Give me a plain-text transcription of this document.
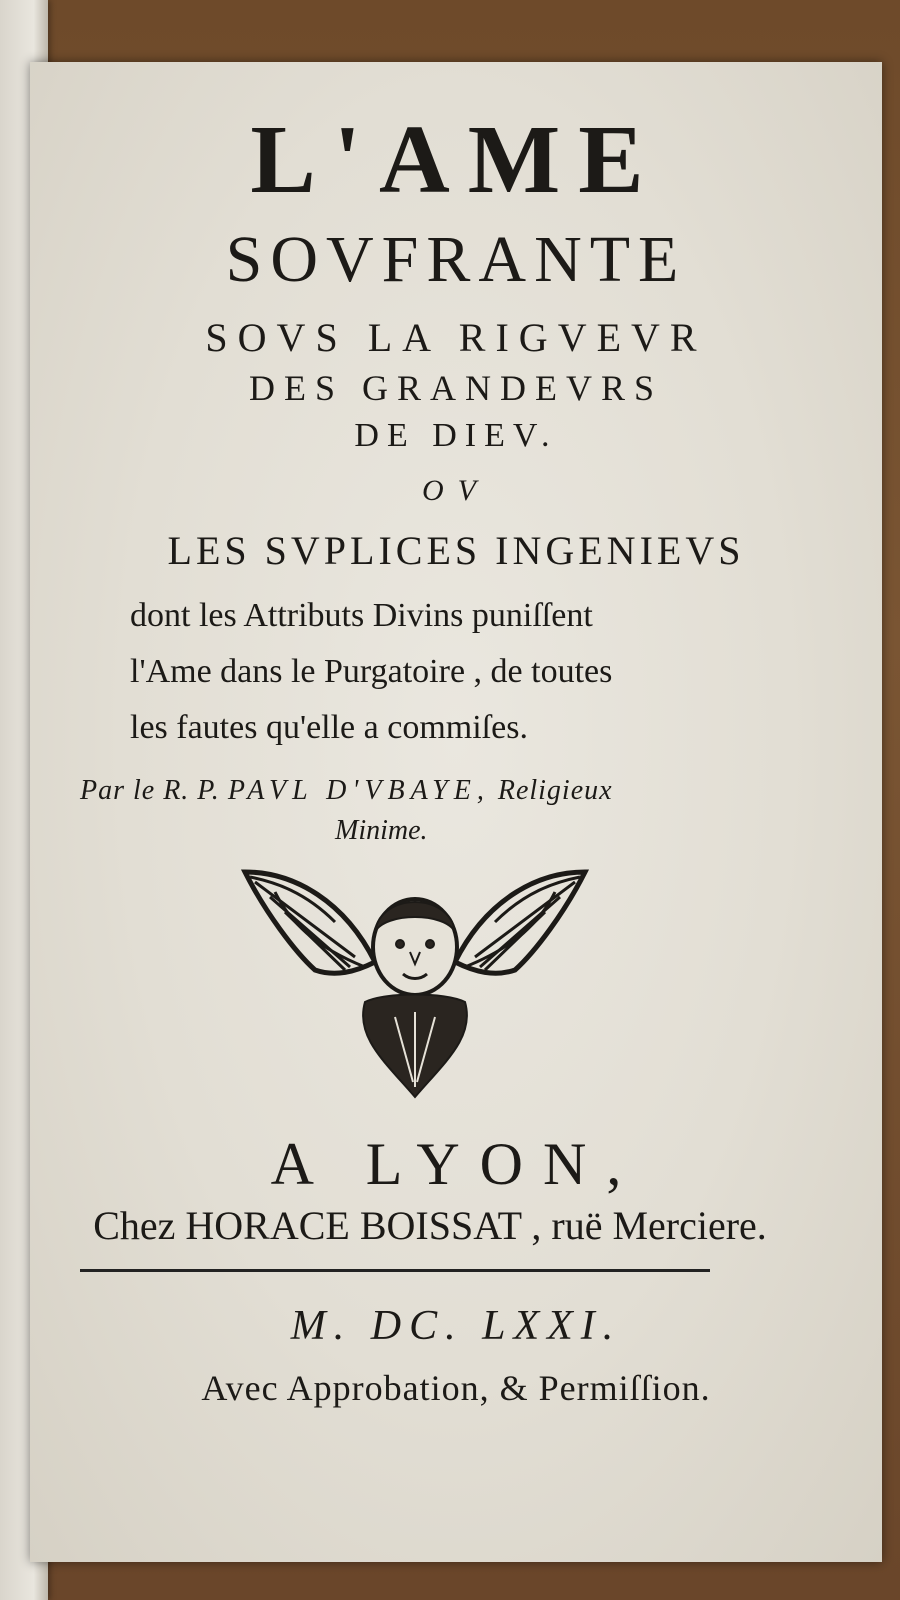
L'AME
SOVFRANTE
SOVS LA RIGVEVR
DES GRANDEVRS
DE DIEV.
OV
LES SVPLICES INGENIEVS
dont les Attributs Divins puniſſent
l'Ame dans le Purgatoire , de toutes
les fautes qu'elle a commiſes.
Par le R. P. PAVL D'VBAYE, Religieux
Minime.
A LYON,
Chez HORACE BOISSAT , ruë Merciere.
M. DC. LXXI.
Avec Approbation, & Permiſſion.
